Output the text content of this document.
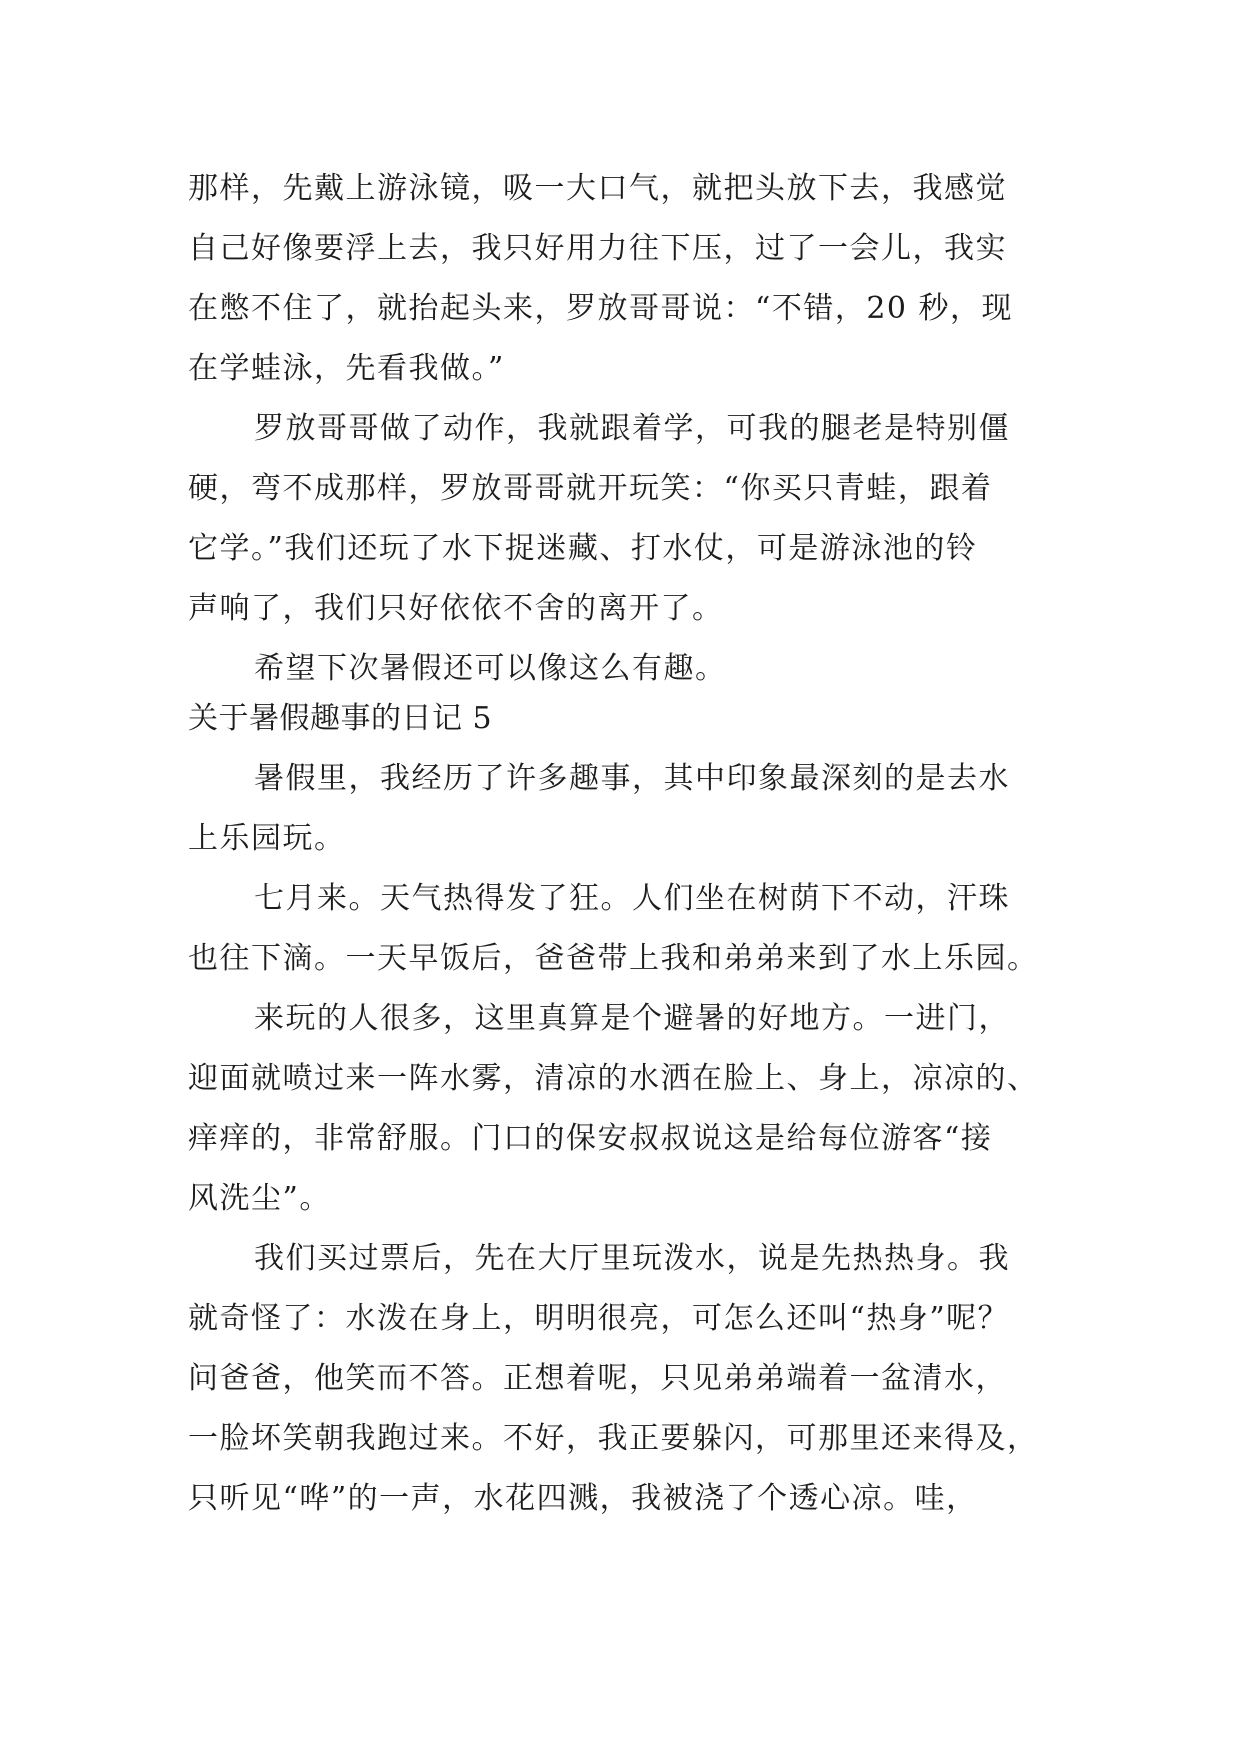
那样，先戴上游泳镜，吸一大口气，就把头放下去，我感觉
自己好像要浮上去，我只好用力往下压，过了一会儿，我实
在憋不住了，就抬起头来，罗放哥哥说：“不错，20 秒，现
在学蛙泳，先看我做。”
罗放哥哥做了动作，我就跟着学，可我的腿老是特别僵
硬，弯不成那样，罗放哥哥就开玩笑：“你买只青蛙，跟着
它学。”我们还玩了水下捉迷藏、打水仗，可是游泳池的铃
声响了，我们只好依依不舍的离开了。
希望下次暑假还可以像这么有趣。
关于暑假趣事的日记 5
暑假里，我经历了许多趣事，其中印象最深刻的是去水
上乐园玩。
七月来。天气热得发了狂。人们坐在树荫下不动，汗珠
也往下滴。一天早饭后，爸爸带上我和弟弟来到了水上乐园。
来玩的人很多，这里真算是个避暑的好地方。一进门，
迎面就喷过来一阵水雾，清凉的水洒在脸上、身上，凉凉的、
痒痒的，非常舒服。门口的保安叔叔说这是给每位游客“接
风洗尘”。
我们买过票后，先在大厅里玩泼水，说是先热热身。我
就奇怪了：水泼在身上，明明很亮，可怎么还叫“热身”呢？
问爸爸，他笑而不答。正想着呢，只见弟弟端着一盆清水，
一脸坏笑朝我跑过来。不好，我正要躲闪，可那里还来得及，
只听见“哗”的一声，水花四溅，我被浇了个透心凉。哇，
